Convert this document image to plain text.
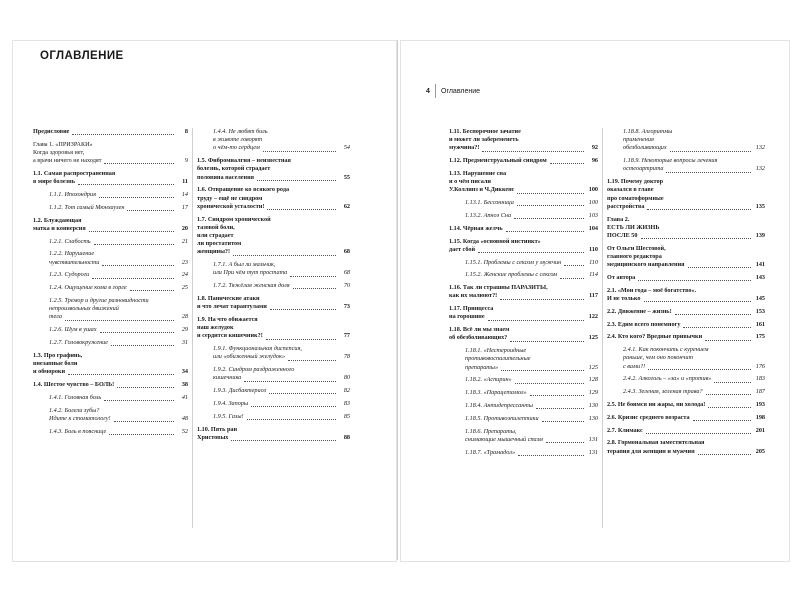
ОГЛАВЛЕНИЕ
4 Оглавление
Предисловие	8
Глава 1. «ПРИЗРАКИ»
Когда здоровья нет,
а врачи ничего не находят	9
1.1. Самая распространенная
в мире болезнь	11
1.1.1. Ипохондрия	14
1.1.2. Тот самый Мюнхаузен	17
1.2. Блуждающая
матка и конверсия	20
1.2.1. Слабость	21
1.2.2. Нарушение
чувствительности	23
1.2.3. Судороги	24
1.2.4. Ощущение кома в горле	25
1.2.5. Тремор и другие разновидности
непроизвольных движений
тела	28
1.2.6. Шум в ушах	29
1.2.7. Головокружение	31
1.3. Про графинь,
внезапные боли
и обмороки	34
1.4. Шестое чувство – БОЛЬ!	38
1.4.1. Головная боль	41
1.4.2. Болели зубы?
Идите к стоматологу!	48
1.4.3. Боль в пояснице	52
1.4.4. Не любят боль
в животе говорят
о чём-то сердцем	54
1.5. Фибромиалгия – неизвестная
болезнь, которой страдает
половина населения	55
1.6. Отвращение ко всякого рода
труду – ещё не синдром
хронической усталости!	62
1.7. Синдром хронической
тазовой боли,
или страдает
ли простатитом
женщины?!	68
1.7.1. А был ли мальчик,
или При чём тут простата	68
1.7.2. Тяжёлая женская доля	70
1.8. Панические атаки
и что лечат тарантулами	73
1.9. На что обижается
наш желудок
и сердится кишечник?!	77
1.9.1. Функциональная диспепсия,
или «обиженный желудок»	78
1.9.2. Синдром раздраженного
кишечника	80
1.9.3. Дисбактериоз	82
1.9.4. Запоры	83
1.9.5. Газы!	85
1.10. Пять ран
Христовых	88
1.11. Беспорочное зачатие
и может ли забеременеть
мужчина?!	92
1.12. Предменструальный синдром	96
1.13. Нарушение сна
и о чём писали
У.Коллинз и Ч.Диккенс	100
1.13.1. Бессонница	100
1.13.2. Апноэ Сна	103
1.14. Чёрная желчь	104
1.15. Когда «основной инстинкт»
дает сбой	110
1.15.1. Проблемы с сексом у мужчин	110
1.15.2. Женские проблемы с сексом	114
1.16. Так ли страшны ПАРАЗИТЫ,
как их малюют?!	117
1.17. Принцесса
на горошине	122
1.18. Всё ли мы знаем
об обезболивающих?	125
1.18.1. «Нестероидные
противовоспалительные
препараты»	125
1.18.2. «Аспирин»	128
1.18.3. «Парацетамол»	129
1.18.4. Антидепрессанты	130
1.18.5. Противоэпилептики	130
1.18.6. Препараты,
снимающие мышечный спазм	131
1.18.7. «Трамадол»	131
1.18.8. Алгоритмы
применения
обезболивающих	132
1.18.9. Некоторые вопросы лечения
остеоартрита	132
1.19. Почему доктор
оказался в главе
про соматоформные
расстройства	135
Глава 2.
ЕСТЬ ЛИ ЖИЗНЬ
ПОСЛЕ 50	139
От Ольги Шестовой,
главного редактора
медицинского направления	141
От автора	143
2.1. «Мои года – моё богатство».
И не только	145
2.2. Движение – жизнь!	153
2.3. Едим всего понемногу	161
2.4. Кто кого? Вредные привычки	175
2.4.1. Как покончить с курением
раньше, чем оно покончит
с вами?!	176
2.4.2. Алкоголь – «за» и «против»	183
2.4.3. Зеленая, зеленая трава?	187
2.5. Не боимся ни жары, ни холода!	193
2.6. Кризис среднего возраста	198
2.7. Климакс	201
2.8. Гормональная заместительная
терапия для женщин и мужчин	205
